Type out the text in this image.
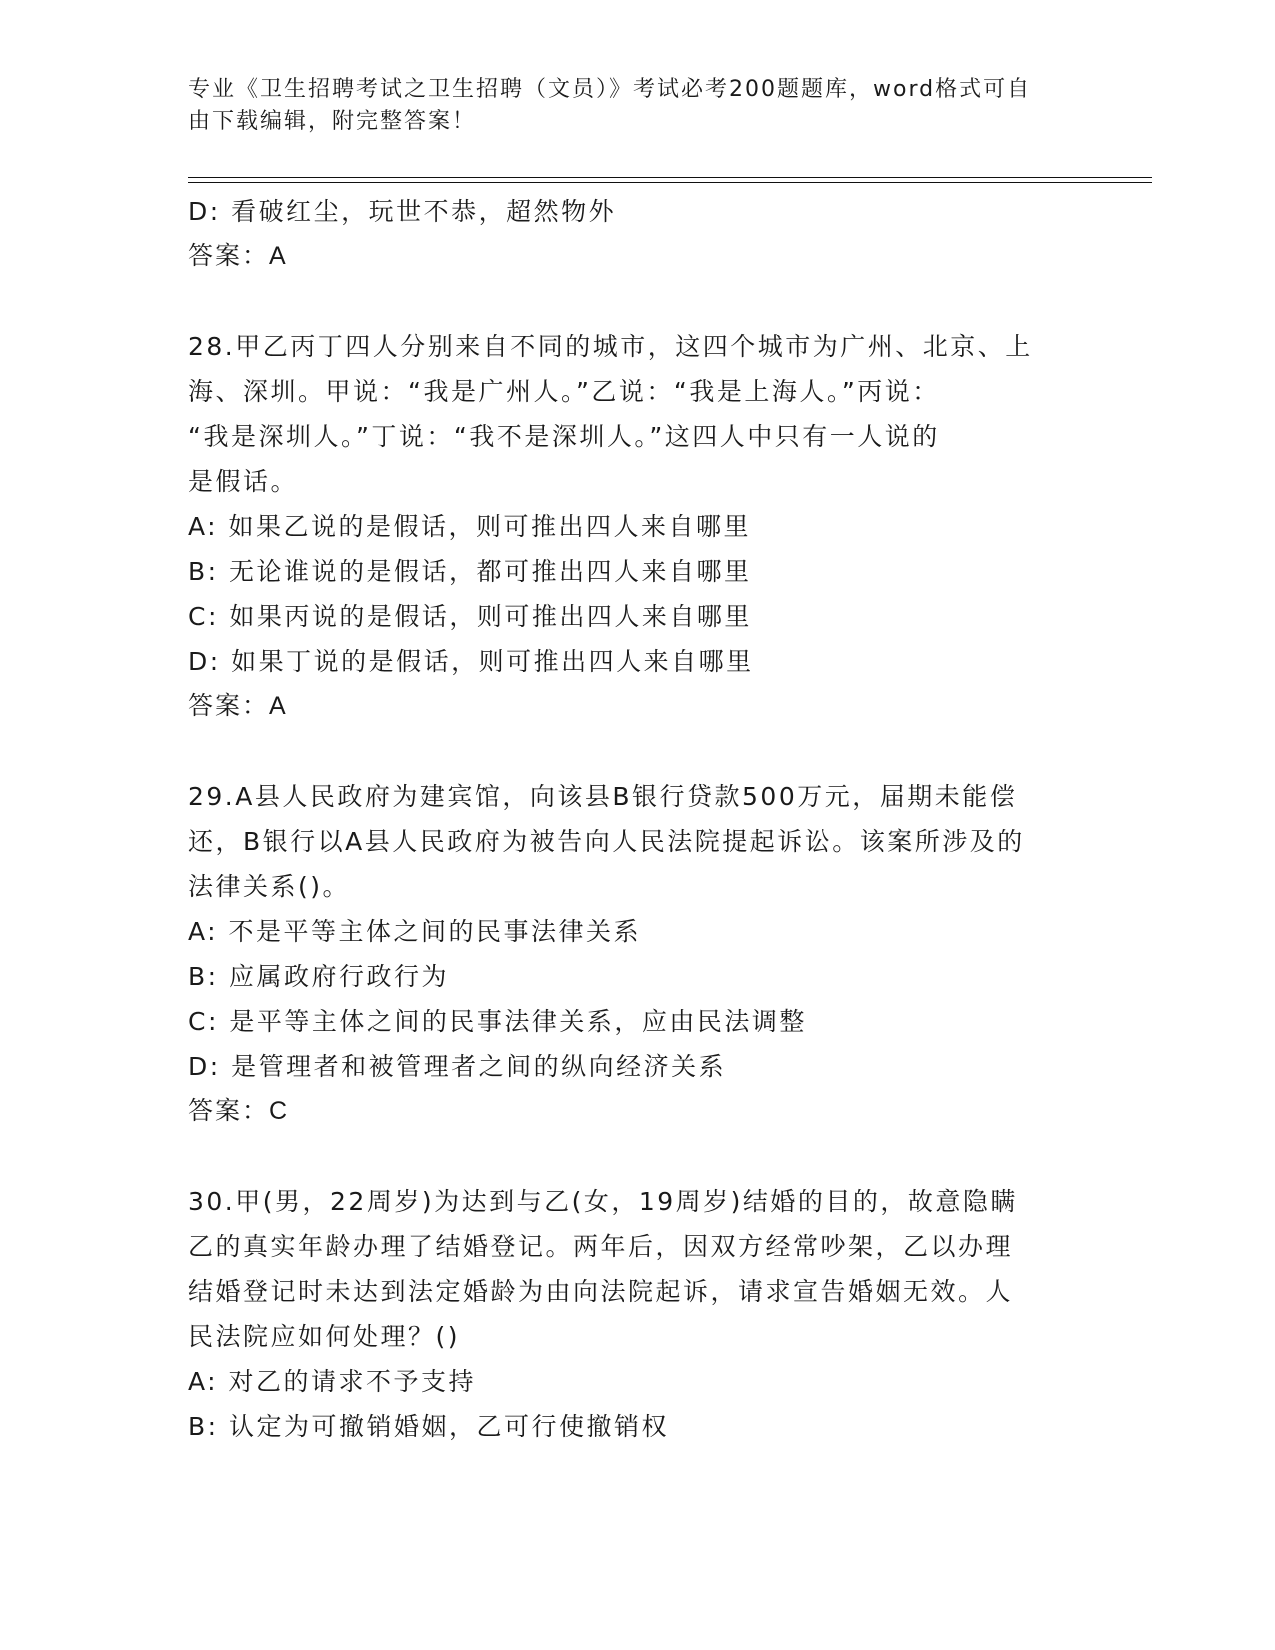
专业《卫生招聘考试之卫生招聘（文员）》考试必考200题题库，word格式可自
由下载编辑，附完整答案！
D: 看破红尘，玩世不恭，超然物外
答案：A
28.甲乙丙丁四人分别来自不同的城市，这四个城市为广州、北京、上
海、深圳。甲说：“我是广州人。”乙说：“我是上海人。”丙说：
“我是深圳人。”丁说：“我不是深圳人。”这四人中只有一人说的
是假话。
A: 如果乙说的是假话，则可推出四人来自哪里
B: 无论谁说的是假话，都可推出四人来自哪里
C: 如果丙说的是假话，则可推出四人来自哪里
D: 如果丁说的是假话，则可推出四人来自哪里
答案：A
29.A县人民政府为建宾馆，向该县B银行贷款500万元，届期未能偿
还，B银行以A县人民政府为被告向人民法院提起诉讼。该案所涉及的
法律关系()。
A: 不是平等主体之间的民事法律关系
B: 应属政府行政行为
C: 是平等主体之间的民事法律关系，应由民法调整
D: 是管理者和被管理者之间的纵向经济关系
答案：C
30.甲(男，22周岁)为达到与乙(女，19周岁)结婚的目的，故意隐瞒
乙的真实年龄办理了结婚登记。两年后，因双方经常吵架，乙以办理
结婚登记时未达到法定婚龄为由向法院起诉，请求宣告婚姻无效。人
民法院应如何处理？()
A: 对乙的请求不予支持
B: 认定为可撤销婚姻，乙可行使撤销权
